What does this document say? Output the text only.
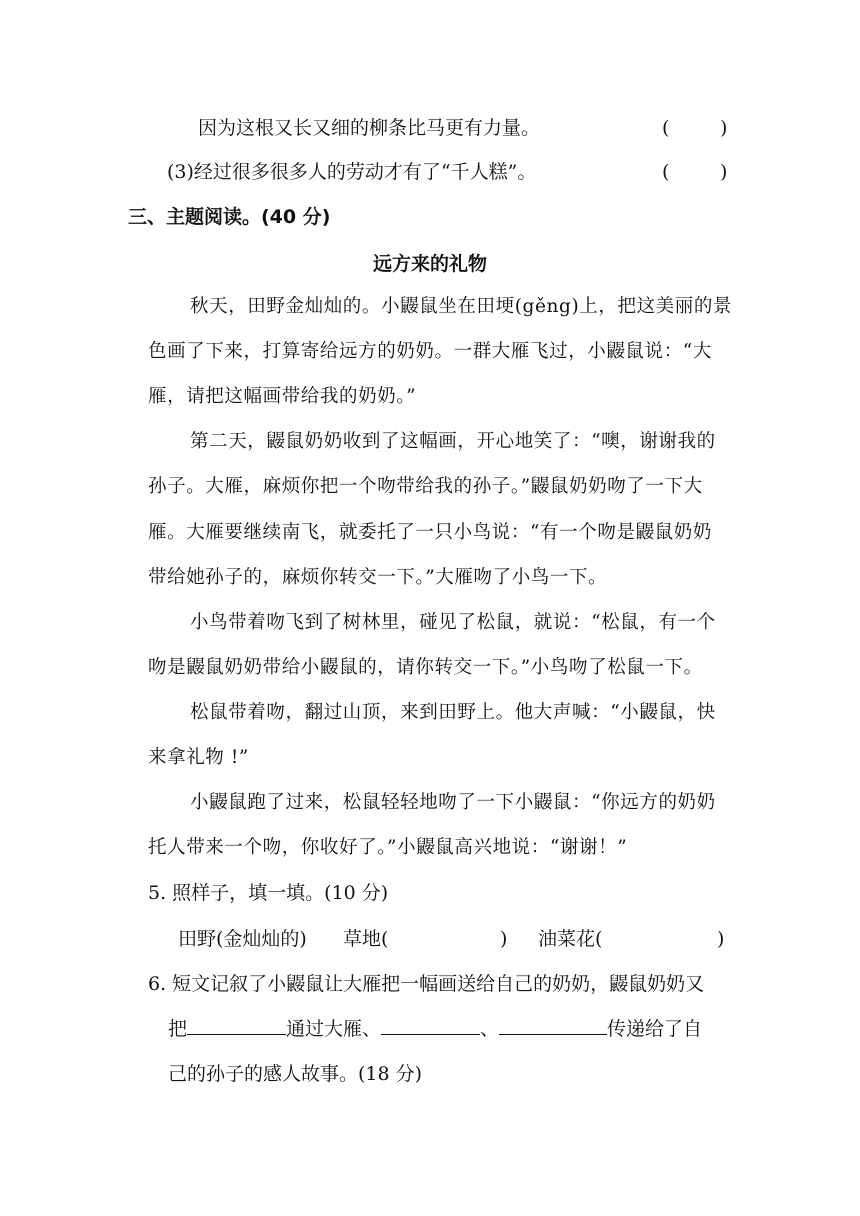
因为这根又长又细的柳条比马更有力量。	(	)
(3)经过很多很多人的劳动才有了“千人糕”。	(	)
三、主题阅读。(40 分)
远方来的礼物
秋天，田野金灿灿的。小鼹鼠坐在田埂(gěng)上，把这美丽的景
色画了下来，打算寄给远方的奶奶。一群大雁飞过，小鼹鼠说：“大
雁，请把这幅画带给我的奶奶。”
第二天，鼹鼠奶奶收到了这幅画，开心地笑了：“噢，谢谢我的
孙子。大雁，麻烦你把一个吻带给我的孙子。”鼹鼠奶奶吻了一下大
雁。大雁要继续南飞，就委托了一只小鸟说：“有一个吻是鼹鼠奶奶
带给她孙子的，麻烦你转交一下。”大雁吻了小鸟一下。
小鸟带着吻飞到了树林里，碰见了松鼠，就说：“松鼠，有一个
吻是鼹鼠奶奶带给小鼹鼠的，请你转交一下。”小鸟吻了松鼠一下。
松鼠带着吻，翻过山顶，来到田野上。他大声喊：“小鼹鼠，快
来拿礼物 !”
小鼹鼠跑了过来，松鼠轻轻地吻了一下小鼹鼠：“你远方的奶奶
托人带来一个吻，你收好了。”小鼹鼠高兴地说：“谢谢！”
5. 照样子，填一填。(10 分)
田野(金灿灿的) 草地(	) 油菜花(	)
6. 短文记叙了小鼹鼠让大雁把一幅画送给自己的奶奶，鼹鼠奶奶又
把	通过大雁、	、	传递给了自
己的孙子的感人故事。(18 分)
